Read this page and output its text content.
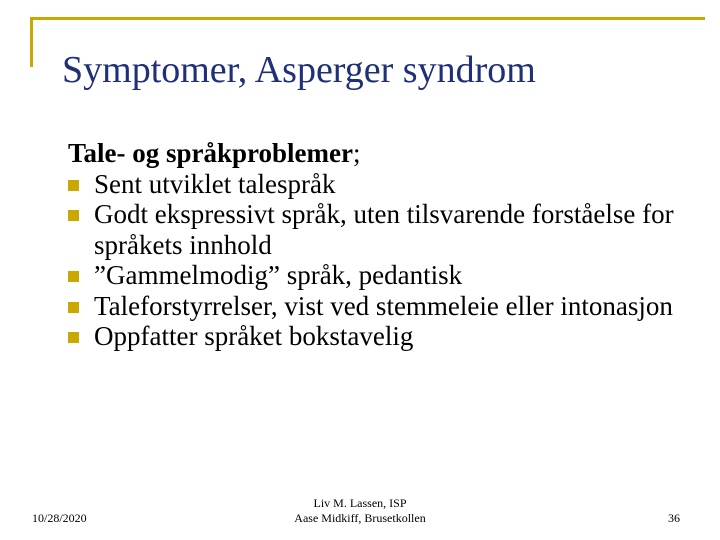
Symptomer, Asperger syndrom

Tale- og språkproblemer;

Sent utviklet talespråk
Godt ekspressivt språk, uten tilsvarende forståelse for språkets innhold
”Gammelmodig” språk, pedantisk
Taleforstyrrelser, vist ved stemmeleie eller intonasjon
Oppfatter språket bokstavelig
10/28/2020
Liv M. Lassen, ISP
Aase Midkiff, Brusetkollen	36
